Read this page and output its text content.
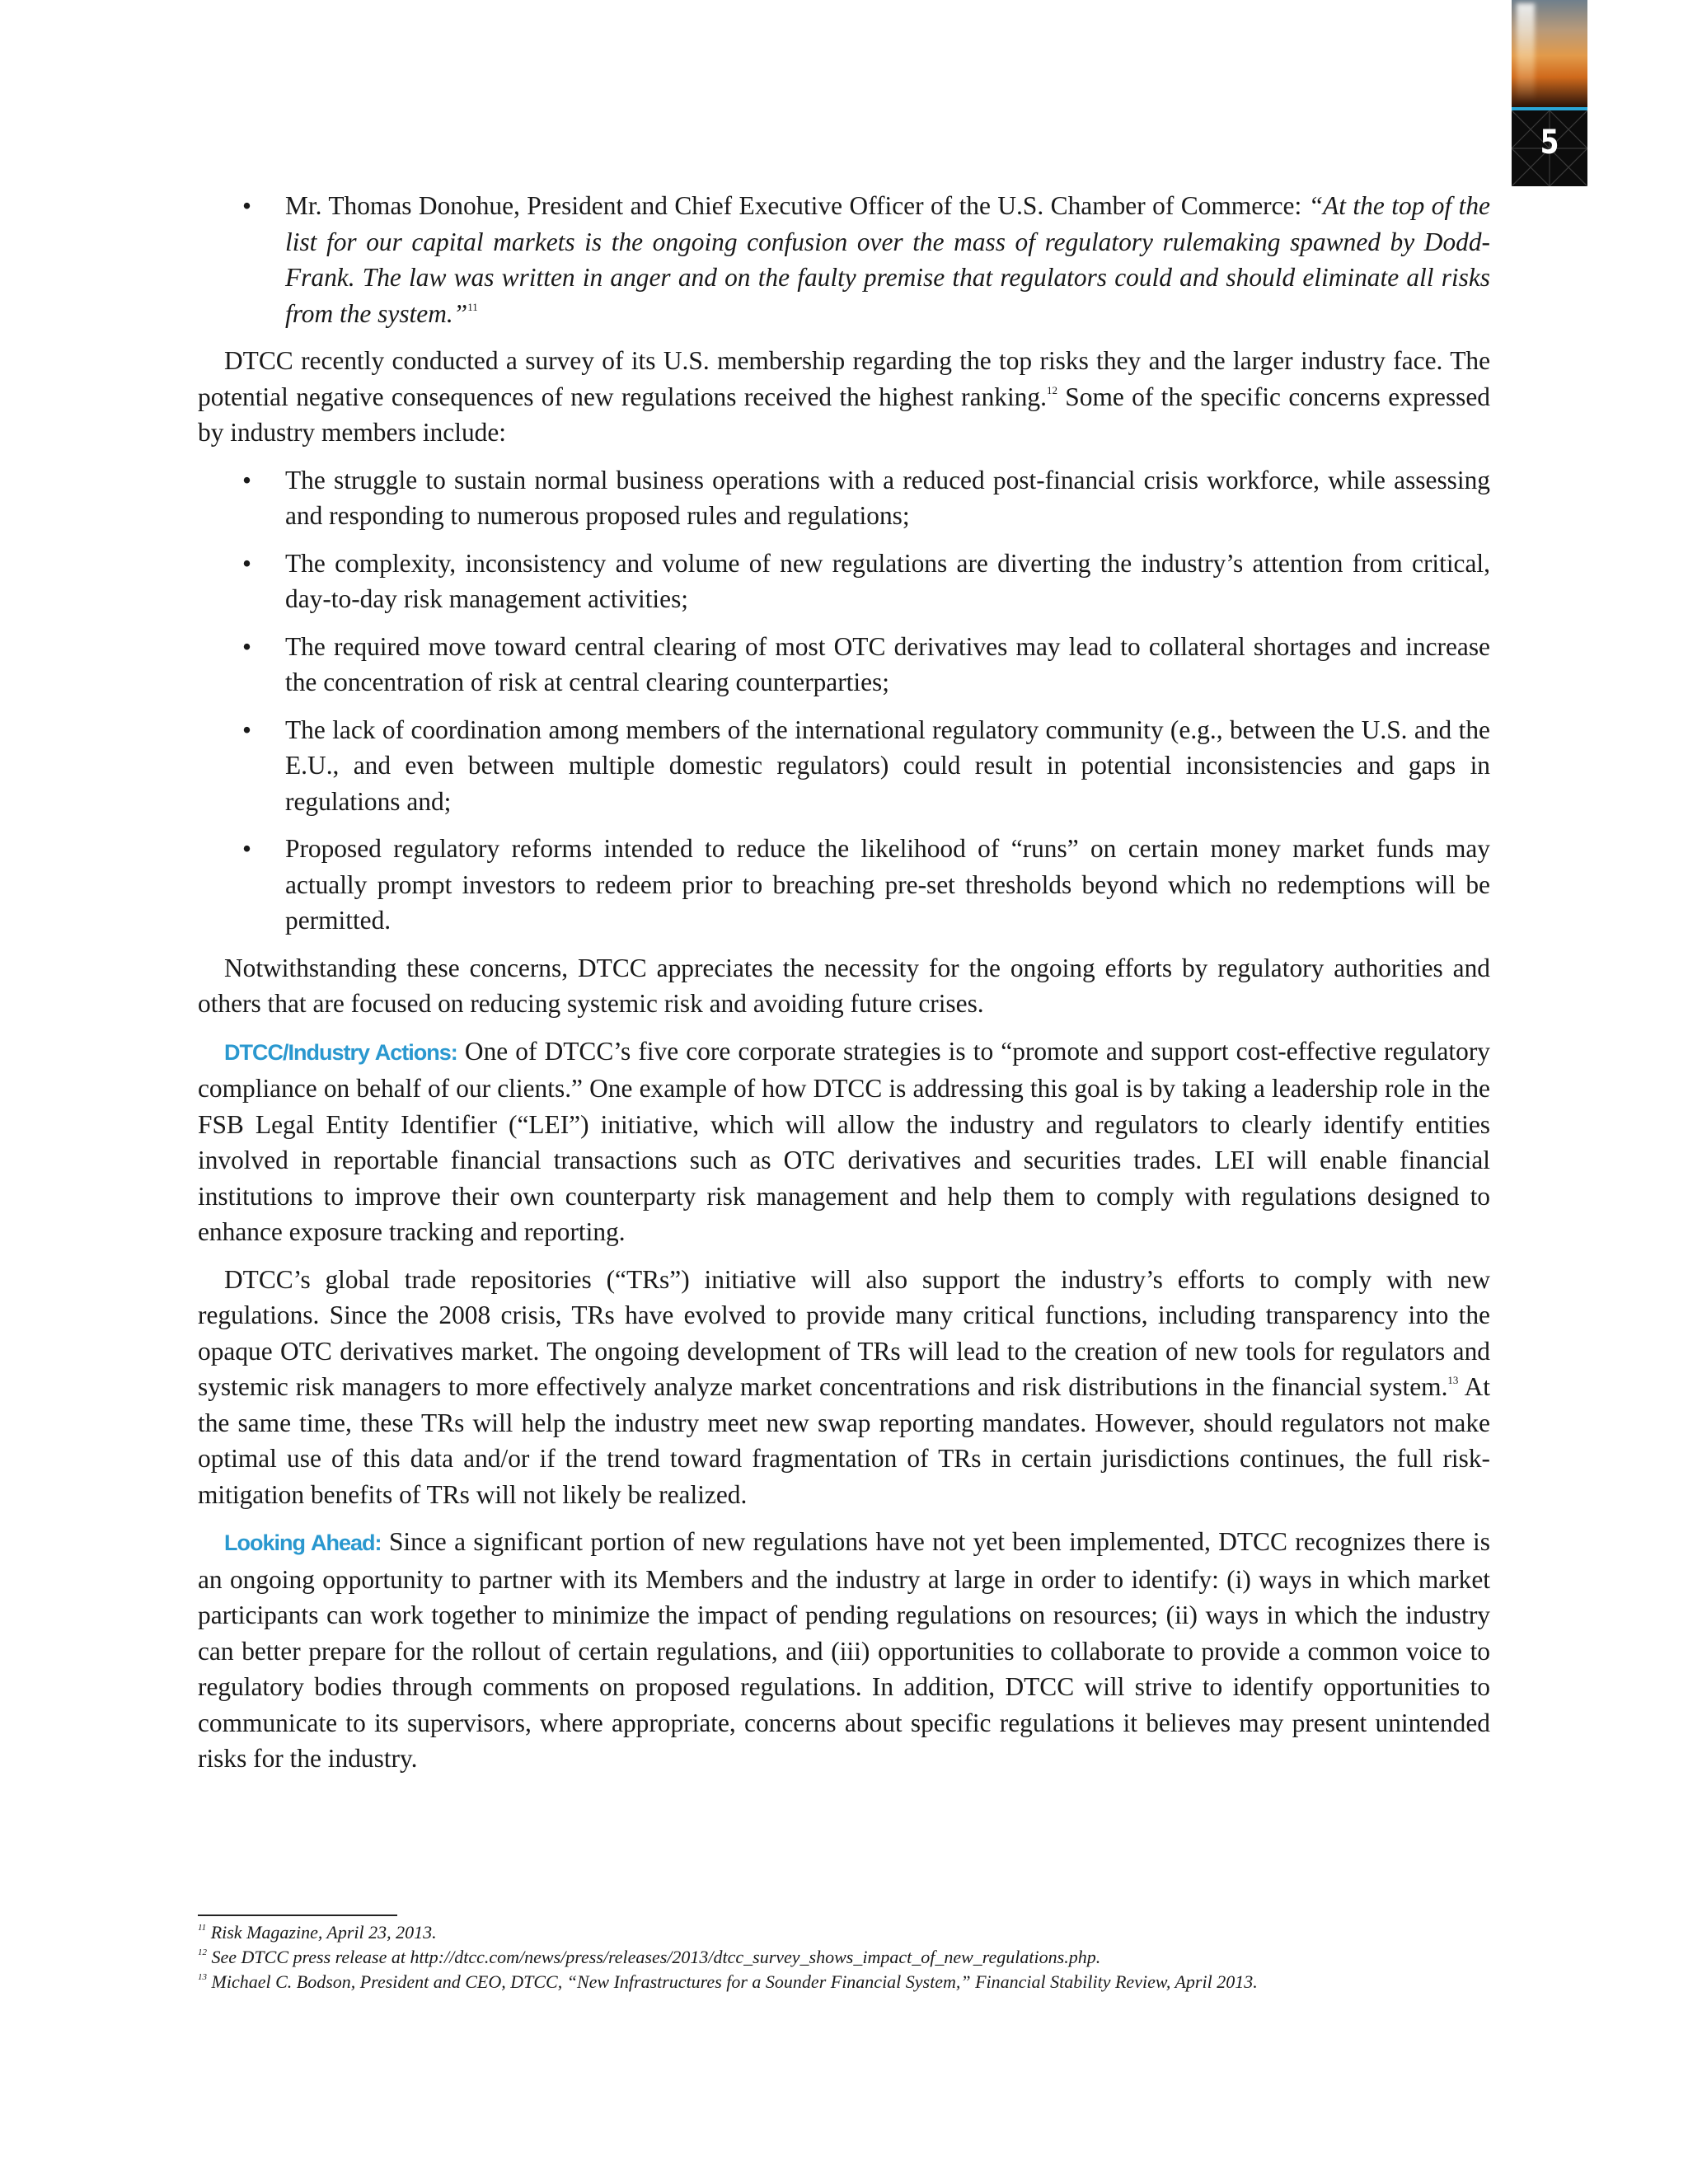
5
• Mr. Thomas Donohue, President and Chief Executive Officer of the U.S. Chamber of Commerce: “At the top of the list for our capital markets is the ongoing confusion over the mass of regulatory rulemaking spawned by Dodd-Frank. The law was written in anger and on the faulty premise that regulators could and should eliminate all risks from the system.”$^{11}$

DTCC recently conducted a survey of its U.S. membership regarding the top risks they and the larger industry face. The potential negative consequences of new regulations received the highest ranking.$^{12}$ Some of the specific concerns expressed by industry members include:

• The struggle to sustain normal business operations with a reduced post-financial crisis workforce, while assessing and responding to numerous proposed rules and regulations;
• The complexity, inconsistency and volume of new regulations are diverting the industry’s attention from critical, day-to-day risk management activities;
• The required move toward central clearing of most OTC derivatives may lead to collateral shortages and increase the concentration of risk at central clearing counterparties;
• The lack of coordination among members of the international regulatory community (e.g., between the U.S. and the E.U., and even between multiple domestic regulators) could result in potential inconsistencies and gaps in regulations and;
• Proposed regulatory reforms intended to reduce the likelihood of “runs” on certain money market funds may actually prompt investors to redeem prior to breaching pre-set thresholds beyond which no redemptions will be permitted.

Notwithstanding these concerns, DTCC appreciates the necessity for the ongoing efforts by regulatory authorities and others that are focused on reducing systemic risk and avoiding future crises.

DTCC/Industry Actions: One of DTCC’s five core corporate strategies is to “promote and support cost-effective regulatory compliance on behalf of our clients.” One example of how DTCC is addressing this goal is by taking a leadership role in the FSB Legal Entity Identifier (“LEI”) initiative, which will allow the industry and regulators to clearly identify entities involved in reportable financial transactions such as OTC derivatives and securities trades. LEI will enable financial institutions to improve their own counterparty risk management and help them to comply with regulations designed to enhance exposure tracking and reporting.

DTCC’s global trade repositories (“TRs”) initiative will also support the industry’s efforts to comply with new regulations. Since the 2008 crisis, TRs have evolved to provide many critical functions, including transparency into the opaque OTC derivatives market. The ongoing development of TRs will lead to the creation of new tools for regulators and systemic risk managers to more effectively analyze market concentrations and risk distributions in the financial system.$^{13}$ At the same time, these TRs will help the industry meet new swap reporting mandates. However, should regulators not make optimal use of this data and/or if the trend toward fragmentation of TRs in certain jurisdictions continues, the full risk-mitigation benefits of TRs will not likely be realized.

Looking Ahead: Since a significant portion of new regulations have not yet been implemented, DTCC recognizes there is an ongoing opportunity to partner with its Members and the industry at large in order to identify: (i) ways in which market participants can work together to minimize the impact of pending regulations on resources; (ii) ways in which the industry can better prepare for the rollout of certain regulations, and (iii) opportunities to collaborate to provide a common voice to regulatory bodies through comments on proposed regulations. In addition, DTCC will strive to identify opportunities to communicate to its supervisors, where appropriate, concerns about specific regulations it believes may present unintended risks for the industry.

$^{11}$ Risk Magazine, April 23, 2013.
$^{12}$ See DTCC press release at http://dtcc.com/news/press/releases/2013/dtcc_survey_shows_impact_of_new_regulations.php.
$^{13}$ Michael C. Bodson, President and CEO, DTCC, “New Infrastructures for a Sounder Financial System,” Financial Stability Review, April 2013.
